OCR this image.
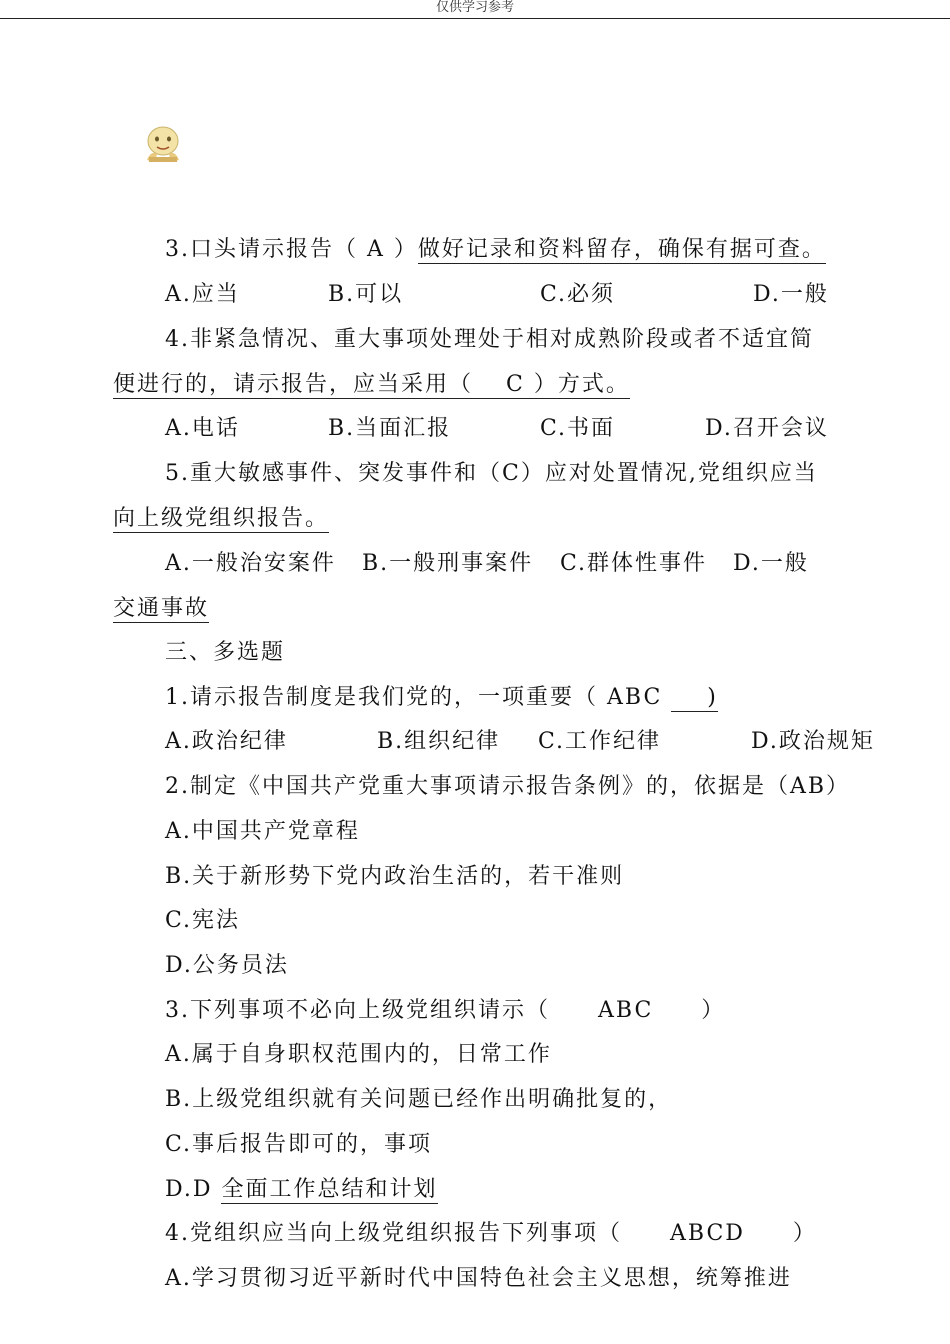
仅供学习参考
3.口头请示报告（ A ）做好记录和资料留存，确保有据可查。
A.应当	B.可以	C.必须	D.一般
4.非紧急情况、重大事项处理处于相对成熟阶段或者不适宜简
便进行的，请示报告，应当采用（　 C ）方式。
A.电话	B.当面汇报	C.书面	D.召开会议
5.重大敏感事件、突发事件和（C）应对处置情况,党组织应当
向上级党组织报告。
A.一般治安案件 B.一般刑事案件 C.群体性事件 D.一般
交通事故
三、多选题
1.请示报告制度是我们党的，一项重要（ ABC )
A.政治纪律	B.组织纪律 C.工作纪律	D.政治规矩
2.制定《中国共产党重大事项请示报告条例》的，依据是（AB）
A.中国共产党章程
B.关于新形势下党内政治生活的，若干准则
C.宪法
D.公务员法
3.下列事项不必向上级党组织请示（　　ABC　　）
A.属于自身职权范围内的，日常工作
B.上级党组织就有关问题已经作出明确批复的，
C.事后报告即可的，事项
D.D 全面工作总结和计划
4.党组织应当向上级党组织报告下列事项（　　ABCD　　）
A.学习贯彻习近平新时代中国特色社会主义思想，统筹推进
